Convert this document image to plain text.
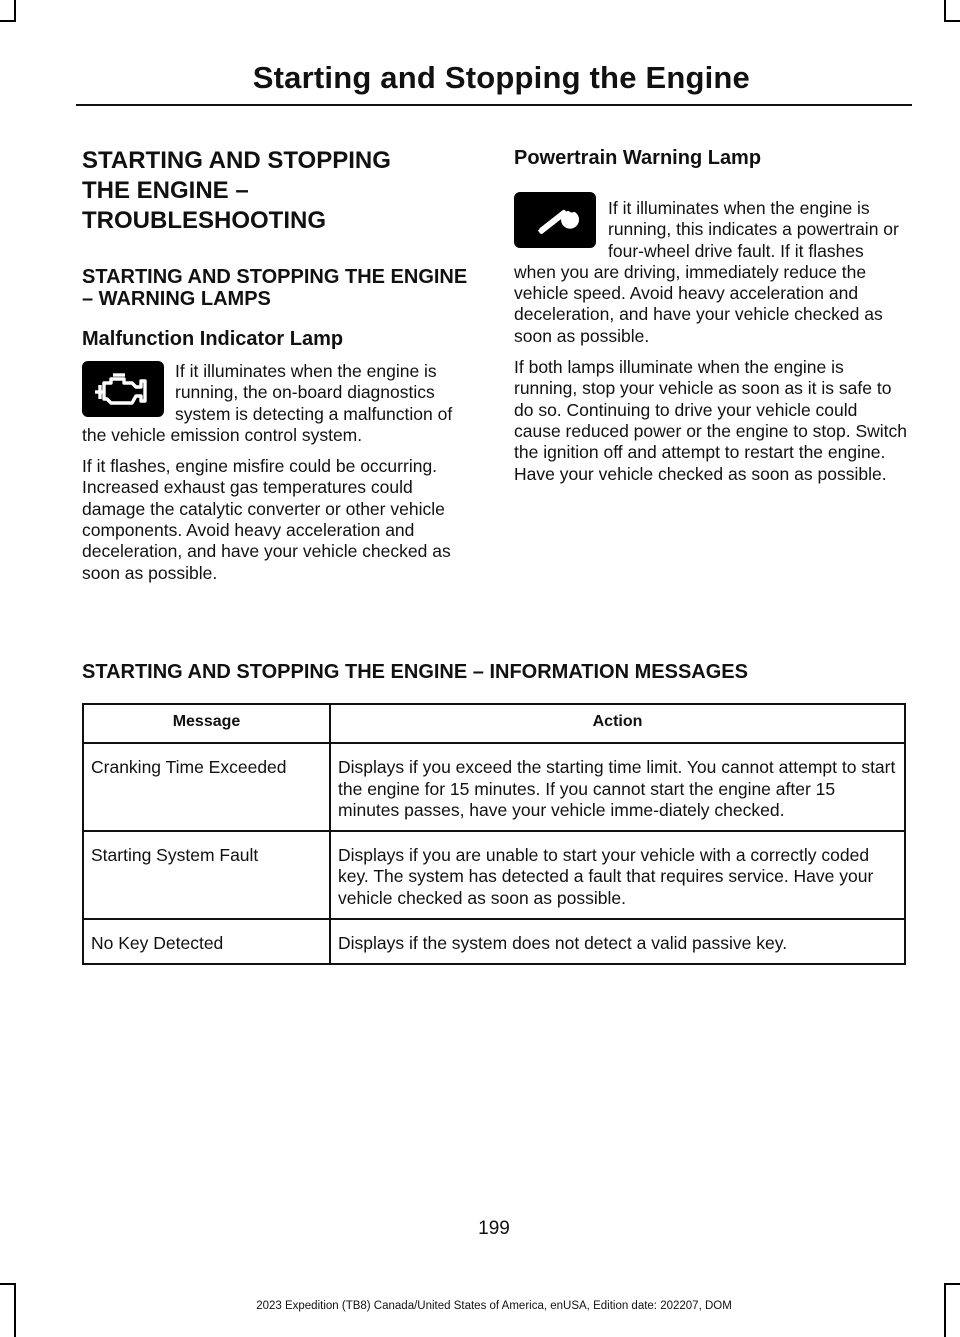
Starting and Stopping the Engine
STARTING AND STOPPING
THE ENGINE –
TROUBLESHOOTING
STARTING AND STOPPING THE ENGINE – WARNING LAMPS
Malfunction Indicator Lamp

If it illuminates when the engine is running, the on-board diagnostics system is detecting a malfunction of the vehicle emission control system.

If it flashes, engine misfire could be occurring. Increased exhaust gas temperatures could damage the catalytic converter or other vehicle components. Avoid heavy acceleration and deceleration, and have your vehicle checked as soon as possible.

Powertrain Warning Lamp

If it illuminates when the engine is running, this indicates a powertrain or four-wheel drive fault. If it flashes when you are driving, immediately reduce the vehicle speed. Avoid heavy acceleration and deceleration, and have your vehicle checked as soon as possible.

If both lamps illuminate when the engine is running, stop your vehicle as soon as it is safe to do so. Continuing to drive your vehicle could cause reduced power or the engine to stop. Switch the ignition off and attempt to restart the engine. Have your vehicle checked as soon as possible.

STARTING AND STOPPING THE ENGINE – INFORMATION MESSAGES
Message	Action
Cranking Time Exceeded	Displays if you exceed the starting time limit. You cannot attempt to start the engine for 15 minutes. If you cannot start the engine after 15 minutes passes, have your vehicle imme-diately checked.
Starting System Fault	Displays if you are unable to start your vehicle with a correctly coded key. The system has detected a fault that requires service. Have your vehicle checked as soon as possible.
No Key Detected	Displays if the system does not detect a valid passive key.
199
2023 Expedition (TB8) Canada/United States of America, enUSA, Edition date: 202207, DOM
